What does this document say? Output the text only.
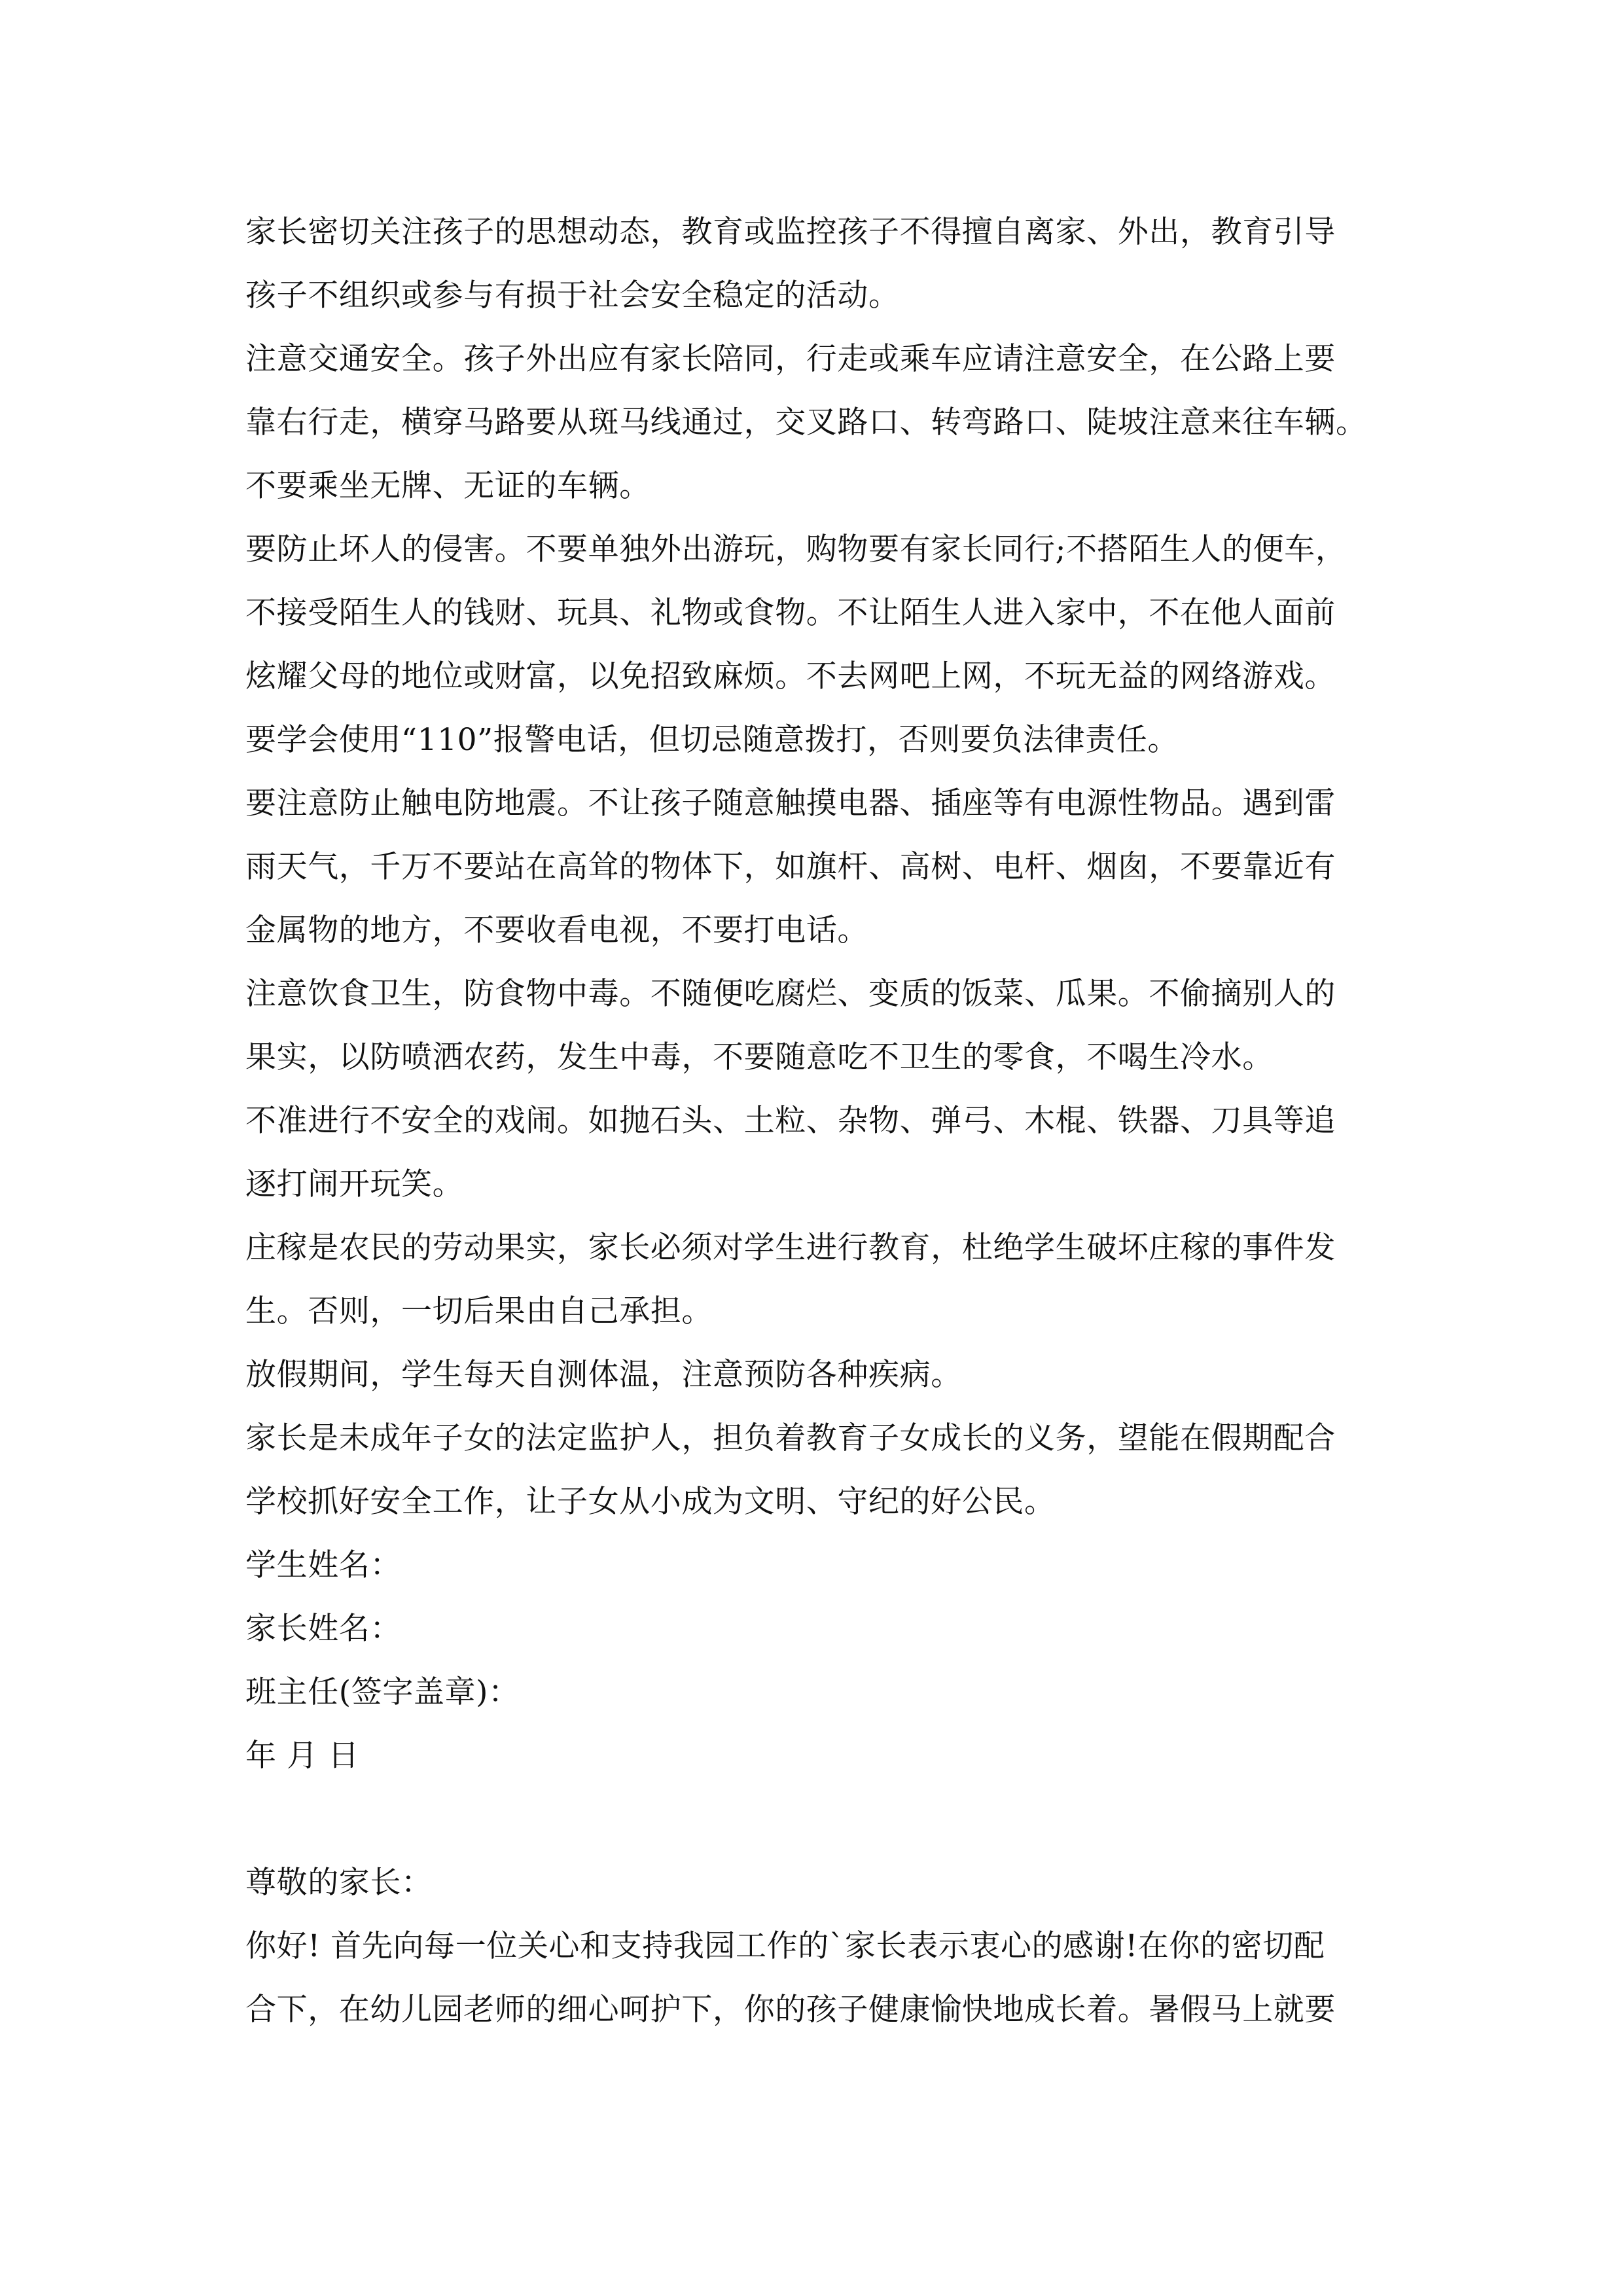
家长密切关注孩子的思想动态，教育或监控孩子不得擅自离家、外出，教育引导
孩子不组织或参与有损于社会安全稳定的活动。
注意交通安全。孩子外出应有家长陪同，行走或乘车应请注意安全，在公路上要
靠右行走，横穿马路要从斑马线通过，交叉路口、转弯路口、陡坡注意来往车辆。
不要乘坐无牌、无证的车辆。
要防止坏人的侵害。不要单独外出游玩，购物要有家长同行;不搭陌生人的便车，
不接受陌生人的钱财、玩具、礼物或食物。不让陌生人进入家中，不在他人面前
炫耀父母的地位或财富，以免招致麻烦。不去网吧上网，不玩无益的网络游戏。
要学会使用“110”报警电话，但切忌随意拨打，否则要负法律责任。
要注意防止触电防地震。不让孩子随意触摸电器、插座等有电源性物品。遇到雷
雨天气，千万不要站在高耸的物体下，如旗杆、高树、电杆、烟囱，不要靠近有
金属物的地方，不要收看电视，不要打电话。
注意饮食卫生，防食物中毒。不随便吃腐烂、变质的饭菜、瓜果。不偷摘别人的
果实，以防喷洒农药，发生中毒，不要随意吃不卫生的零食，不喝生冷水。
不准进行不安全的戏闹。如抛石头、土粒、杂物、弹弓、木棍、铁器、刀具等追
逐打闹开玩笑。
庄稼是农民的劳动果实，家长必须对学生进行教育，杜绝学生破坏庄稼的事件发
生。否则，一切后果由自己承担。
放假期间，学生每天自测体温，注意预防各种疾病。
家长是未成年子女的法定监护人，担负着教育子女成长的义务，望能在假期配合
学校抓好安全工作，让子女从小成为文明、守纪的好公民。
学生姓名：
家长姓名：
班主任(签字盖章)：
年 月 日
尊敬的家长：
你好! 首先向每一位关心和支持我园工作的`家长表示衷心的感谢!在你的密切配
合下，在幼儿园老师的细心呵护下，你的孩子健康愉快地成长着。暑假马上就要
